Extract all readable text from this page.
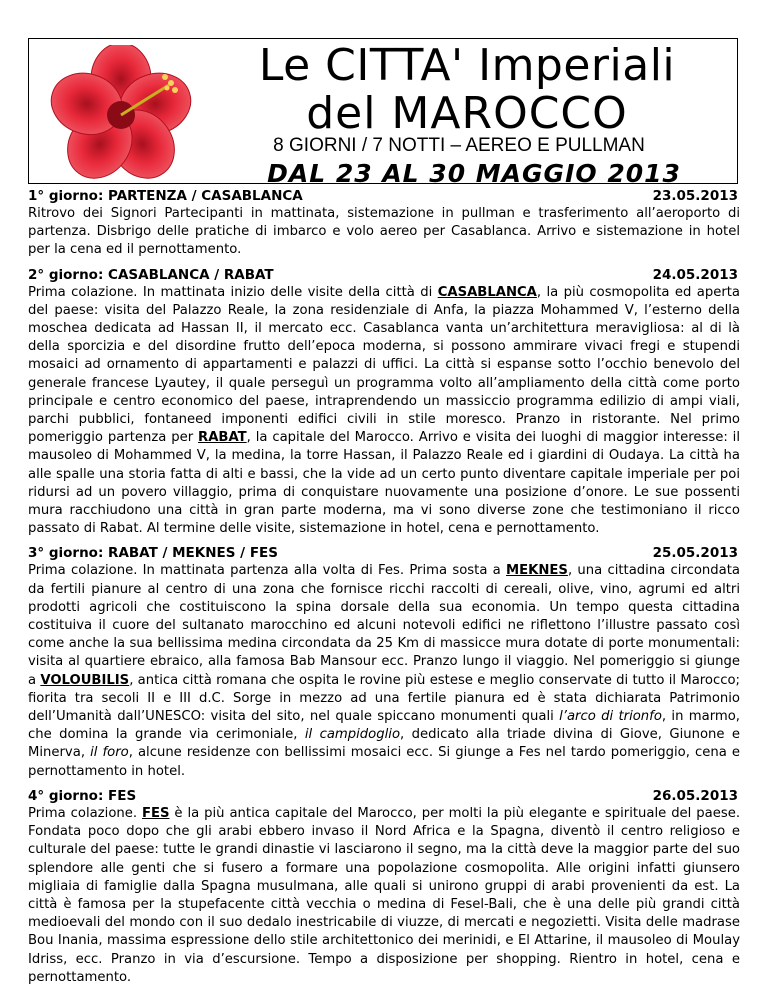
Le CITTA' Imperiali
del MAROCCO
8 GIORNI / 7 NOTTI – AEREO E PULLMAN
DAL 23 AL 30 MAGGIO 2013
1° giorno: PARTENZA / CASABLANCA	23.05.2013

Ritrovo dei Signori Partecipanti in mattinata, sistemazione in pullman e trasferimento all’aeroporto di partenza. Disbrigo delle pratiche di imbarco e volo aereo per Casablanca. Arrivo e sistemazione in hotel per la cena ed il pernottamento.

2° giorno: CASABLANCA / RABAT	24.05.2013

Prima colazione. In mattinata inizio delle visite della città di CASABLANCA, la più cosmopolita ed aperta del paese: visita del Palazzo Reale, la zona residenziale di Anfa, la piazza Mohammed V, l’esterno della moschea dedicata ad Hassan II, il mercato ecc. Casablanca vanta un’architettura meravigliosa: al di là della sporcizia e del disordine frutto dell’epoca moderna, si possono ammirare vivaci fregi e stupendi mosaici ad ornamento di appartamenti e palazzi di uffici. La città si espanse sotto l’occhio benevolo del generale francese Lyautey, il quale perseguì un programma volto all’ampliamento della città come porto principale e centro economico del paese, intraprendendo un massiccio programma edilizio di ampi viali, parchi pubblici, fontaneed imponenti edifici civili in stile moresco. Pranzo in ristorante. Nel primo pomeriggio partenza per RABAT, la capitale del Marocco. Arrivo e visita dei luoghi di maggior interesse: il mausoleo di Mohammed V, la medina, la torre Hassan, il Palazzo Reale ed i giardini di Oudaya. La città ha alle spalle una storia fatta di alti e bassi, che la vide ad un certo punto diventare capitale imperiale per poi ridursi ad un povero villaggio, prima di conquistare nuovamente una posizione d’onore. Le sue possenti mura racchiudono una città in gran parte moderna, ma vi sono diverse zone che testimoniano il ricco passato di Rabat. Al termine delle visite, sistemazione in hotel, cena e pernottamento.

3° giorno: RABAT / MEKNES / FES	25.05.2013

Prima colazione. In mattinata partenza alla volta di Fes. Prima sosta a MEKNES, una cittadina circondata da fertili pianure al centro di una zona che fornisce ricchi raccolti di cereali, olive, vino, agrumi ed altri prodotti agricoli che costituiscono la spina dorsale della sua economia. Un tempo questa cittadina costituiva il cuore del sultanato marocchino ed alcuni notevoli edifici ne riflettono l’illustre passato così come anche la sua bellissima medina circondata da 25 Km di massicce mura dotate di porte monumentali: visita al quartiere ebraico, alla famosa Bab Mansour ecc. Pranzo lungo il viaggio. Nel pomeriggio si giunge a VOLOUBILIS, antica città romana che ospita le rovine più estese e meglio conservate di tutto il Marocco; fiorita tra secoli II e III d.C. Sorge in mezzo ad una fertile pianura ed è stata dichiarata Patrimonio dell’Umanità dall’UNESCO: visita del sito, nel quale spiccano monumenti quali l’arco di trionfo, in marmo, che domina la grande via cerimoniale, il campidoglio, dedicato alla triade divina di Giove, Giunone e Minerva, il foro, alcune residenze con bellissimi mosaici ecc. Si giunge a Fes nel tardo pomeriggio, cena e pernottamento in hotel.

4° giorno: FES	26.05.2013

Prima colazione. FES è la più antica capitale del Marocco, per molti la più elegante e spirituale del paese. Fondata poco dopo che gli arabi ebbero invaso il Nord Africa e la Spagna, diventò il centro religioso e culturale del paese: tutte le grandi dinastie vi lasciarono il segno, ma la città deve la maggior parte del suo splendore alle genti che si fusero a formare una popolazione cosmopolita. Alle origini infatti giunsero migliaia di famiglie dalla Spagna musulmana, alle quali si unirono gruppi di arabi provenienti da est. La città è famosa per la stupefacente città vecchia o medina di Fesel-Bali, che è una delle più grandi città medioevali del mondo con il suo dedalo inestricabile di viuzze, di mercati e negozietti. Visita delle madrase Bou Inania, massima espressione dello stile architettonico dei merinidi, e El Attarine, il mausoleo di Moulay Idriss, ecc. Pranzo in via d’escursione. Tempo a disposizione per shopping. Rientro in hotel, cena e pernottamento.
